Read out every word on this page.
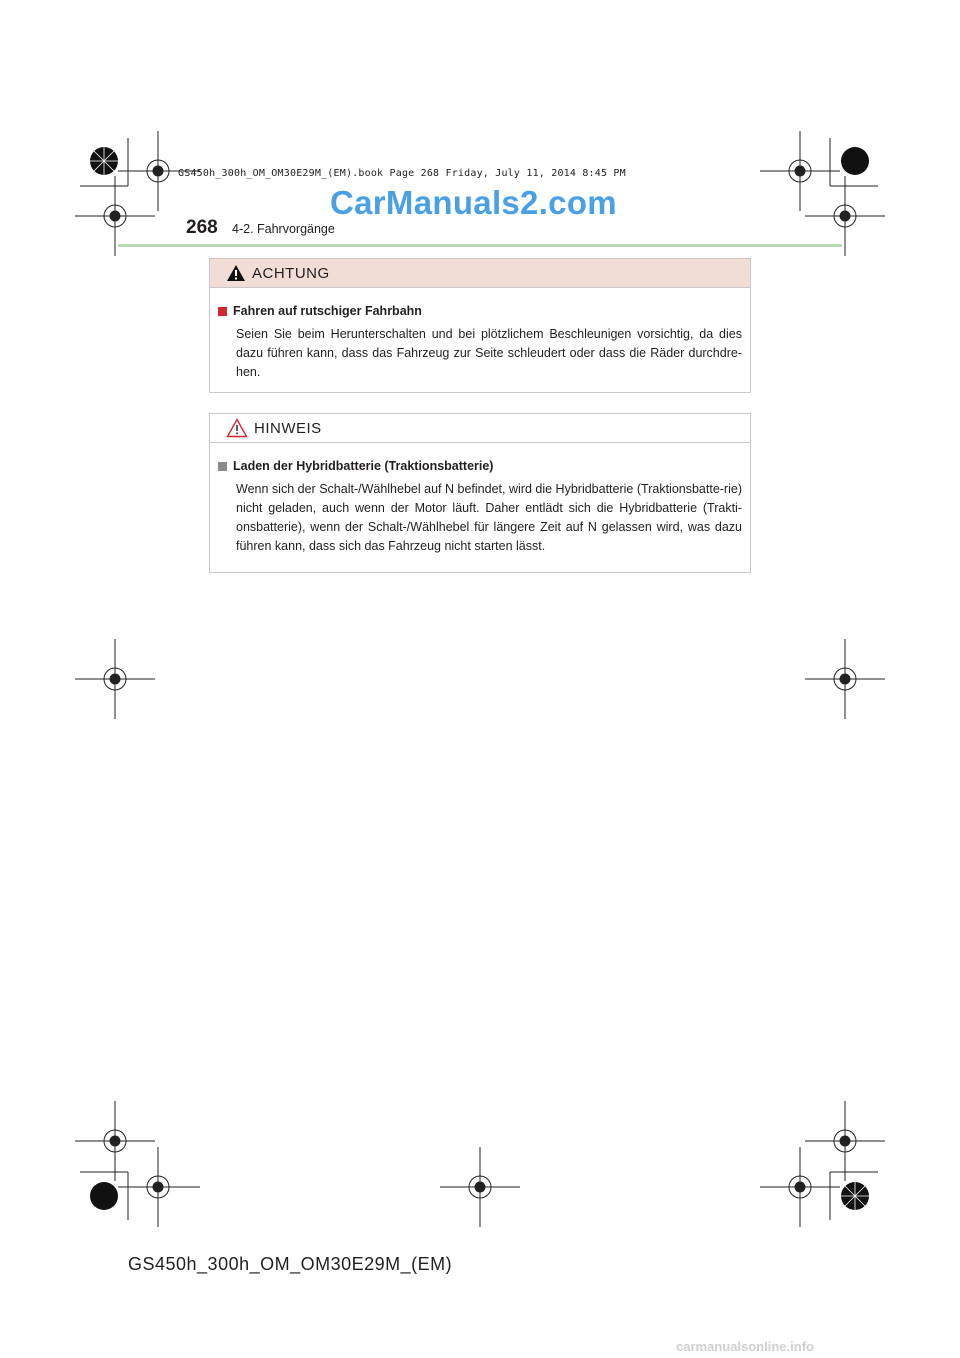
GS450h_300h_OM_OM30E29M_(EM).book Page 268 Friday, July 11, 2014 8:45 PM
CarManuals2.com
268 4-2. Fahrvorgänge
ACHTUNG
Fahren auf rutschiger Fahrbahn
Seien Sie beim Herunterschalten und bei plötzlichem Beschleunigen vorsichtig, da dies dazu führen kann, dass das Fahrzeug zur Seite schleudert oder dass die Räder durchdre-hen.
HINWEIS
Laden der Hybridbatterie (Traktionsbatterie)
Wenn sich der Schalt-/Wählhebel auf N befindet, wird die Hybridbatterie (Traktionsbatte-rie) nicht geladen, auch wenn der Motor läuft. Daher entlädt sich die Hybridbatterie (Trakti-onsbatterie), wenn der Schalt-/Wählhebel für längere Zeit auf N gelassen wird, was dazu führen kann, dass sich das Fahrzeug nicht starten lässt.
GS450h_300h_OM_OM30E29M_(EM)
carmanualsonline.info
